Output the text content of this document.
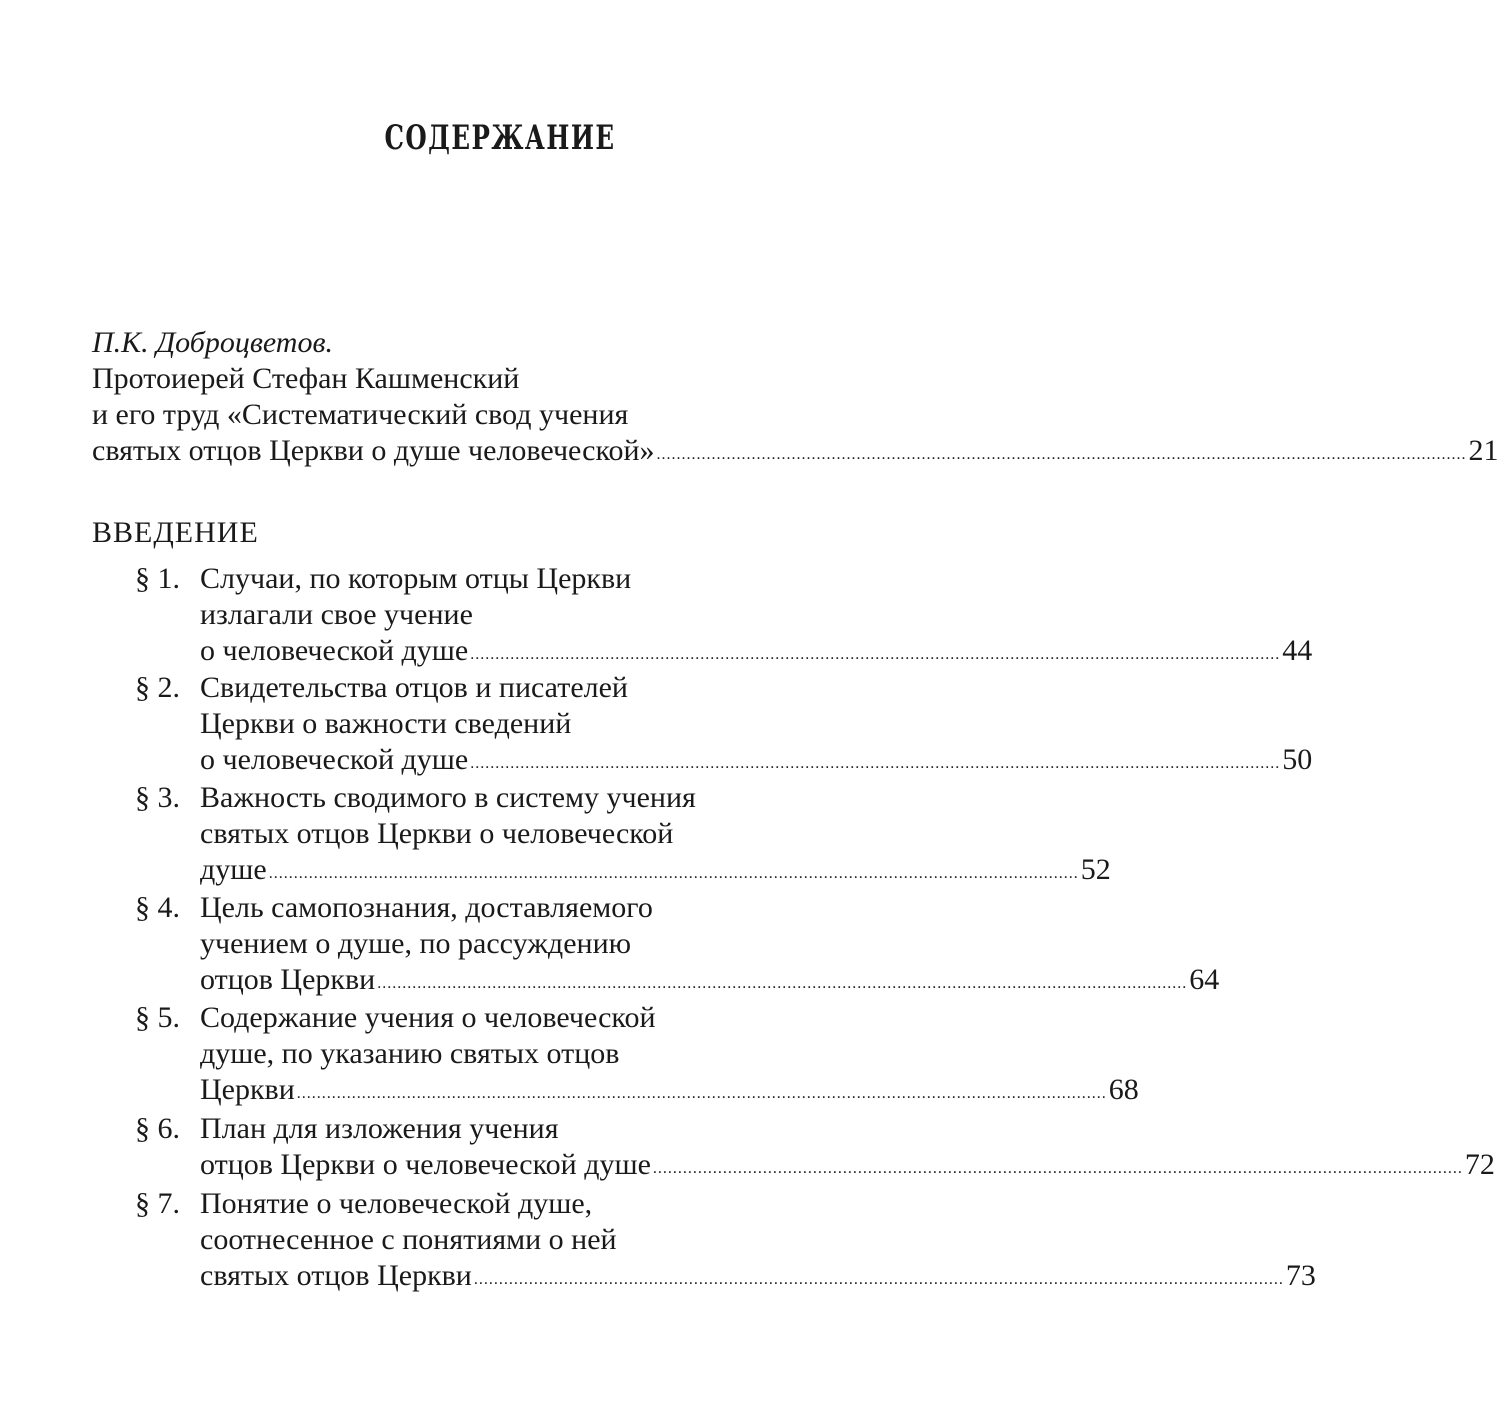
СОДЕРЖАНИЕ
П.К. Доброцветов.
Протоиерей Стефан Кашменский
и его труд «Систематический свод учения
святых отцов Церкви о душе человеческой» .................................................................................................................................................................. 21
ВВЕДЕНИЕ
§ 1. Случаи, по которым отцы Церкви
излагали свое учение
о человеческой душе .................................................................................................................................................................. 44
§ 2. Свидетельства отцов и писателей
Церкви о важности сведений
о человеческой душе .................................................................................................................................................................. 50
§ 3. Важность сводимого в систему учения
святых отцов Церкви о человеческой
душе .................................................................................................................................................................. 52
§ 4. Цель самопознания, доставляемого
учением о душе, по рассуждению
отцов Церкви .................................................................................................................................................................. 64
§ 5. Содержание учения о человеческой
душе, по указанию святых отцов
Церкви .................................................................................................................................................................. 68
§ 6. План для изложения учения
отцов Церкви о человеческой душе .................................................................................................................................................................. 72
§ 7. Понятие о человеческой душе,
соотнесенное с понятиями о ней
святых отцов Церкви .................................................................................................................................................................. 73
